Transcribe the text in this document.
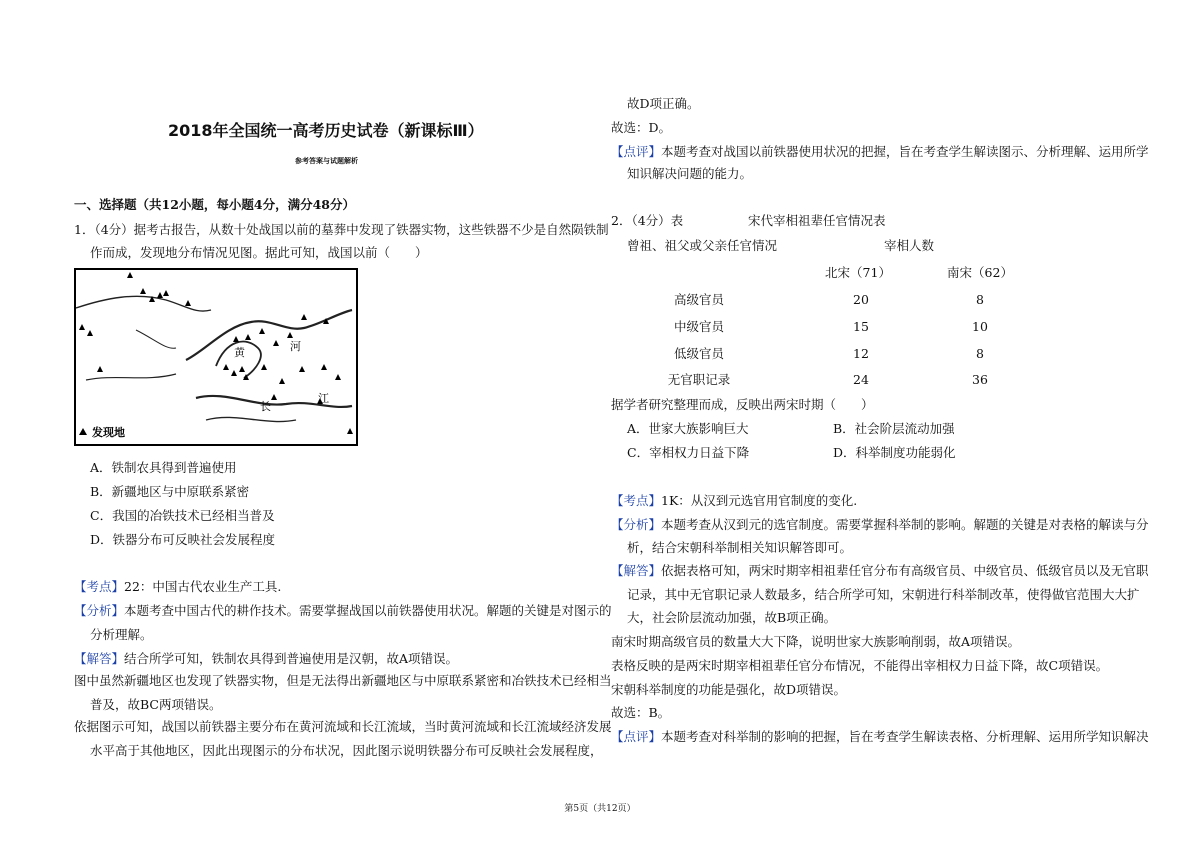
2018年全国统一高考历史试卷（新课标Ⅲ）
参考答案与试题解析
一、选择题（共12小题，每小题4分，满分48分）
1．（4分）据考古报告，从数十处战国以前的墓葬中发现了铁器实物，这些铁器不少是自然陨铁制
作而成，发现地分布情况见图。据此可知，战国以前（　　）
黄	河
长
江
发现地
A．铁制农具得到普遍使用
B．新疆地区与中原联系紧密
C．我国的冶铁技术已经相当普及
D．铁器分布可反映社会发展程度
【考点】22：中国古代农业生产工具.
【分析】本题考查中国古代的耕作技术。需要掌握战国以前铁器使用状况。解题的关键是对图示的
分析理解。
【解答】结合所学可知，铁制农具得到普遍使用是汉朝，故A项错误。
图中虽然新疆地区也发现了铁器实物，但是无法得出新疆地区与中原联系紧密和冶铁技术已经相当
普及，故BC两项错误。
依据图示可知，战国以前铁器主要分布在黄河流域和长江流域，当时黄河流域和长江流域经济发展
水平高于其他地区，因此出现图示的分布状况，因此图示说明铁器分布可反映社会发展程度，
故D项正确。
故选：D。
【点评】本题考查对战国以前铁器使用状况的把握，旨在考查学生解读图示、分析理解、运用所学
知识解决问题的能力。
2．（4分）表	宋代宰相祖辈任官情况表
曾祖、祖父或父亲任官情况	宰相人数
北宋（71）	南宋（62）
高级官员	20	8
中级官员	15	10
低级官员	12	8
无官职记录	24	36
据学者研究整理而成，反映出两宋时期（　　）
A．世家大族影响巨大	B．社会阶层流动加强
C．宰相权力日益下降	D．科举制度功能弱化
【考点】1K：从汉到元选官用官制度的变化.
【分析】本题考查从汉到元的选官制度。需要掌握科举制的影响。解题的关键是对表格的解读与分
析，结合宋朝科举制相关知识解答即可。
【解答】依据表格可知，两宋时期宰相祖辈任官分布有高级官员、中级官员、低级官员以及无官职
记录，其中无官职记录人数最多，结合所学可知，宋朝进行科举制改革，使得做官范围大大扩
大，社会阶层流动加强，故B项正确。
南宋时期高级官员的数量大大下降，说明世家大族影响削弱，故A项错误。
表格反映的是两宋时期宰相祖辈任官分布情况，不能得出宰相权力日益下降，故C项错误。
宋朝科举制度的功能是强化，故D项错误。
故选：B。
【点评】本题考查对科举制的影响的把握，旨在考查学生解读表格、分析理解、运用所学知识解决
第5页（共12页）
